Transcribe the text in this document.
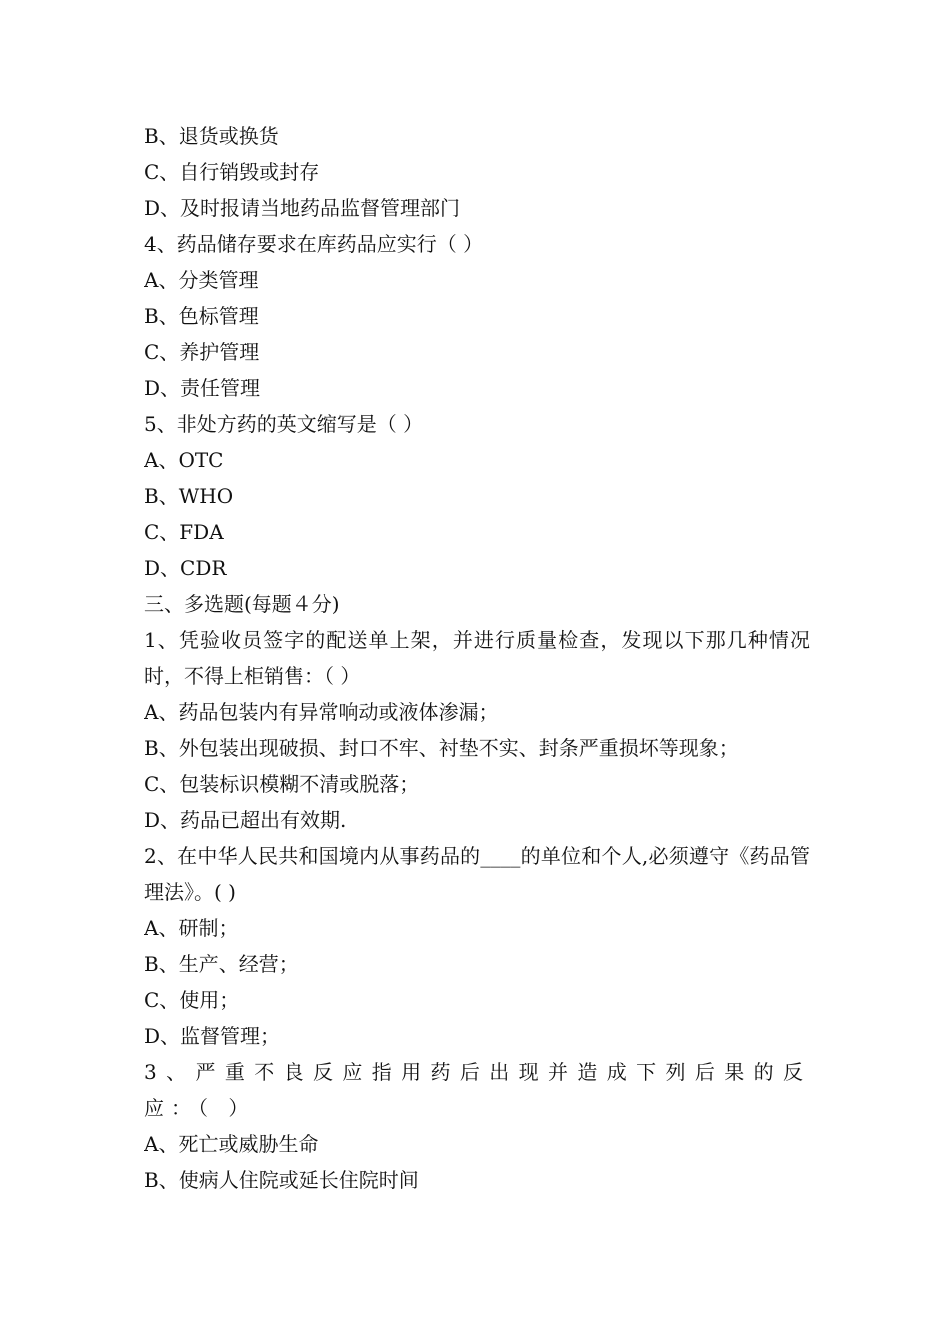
B、退货或换货
C、自行销毁或封存
D、及时报请当地药品监督管理部门
4、药品储存要求在库药品应实行（ ）
A、分类管理
B、色标管理
C、养护管理
D、责任管理
5、非处方药的英文缩写是（ ）
A、OTC
B、WHO
C、FDA
D、CDR
三、多选题(每题４分)
1、凭验收员签字的配送单上架，并进行质量检查，发现以下那几种情况时，不得上柜销售：（ ）
A、药品包装内有异常响动或液体渗漏；
B、外包装出现破损、封口不牢、衬垫不实、封条严重损坏等现象；
C、包装标识模糊不清或脱落；
D、药品已超出有效期.
2、在中华人民共和国境内从事药品的____的单位和个人,必须遵守《药品管理法》。( )
A、研制；
B、生产、经营；
C、使用；
D、监督管理；
3、严重不良反应指用药后出现并造成下列后果的反应：（ ）
A、死亡或威胁生命
B、使病人住院或延长住院时间
